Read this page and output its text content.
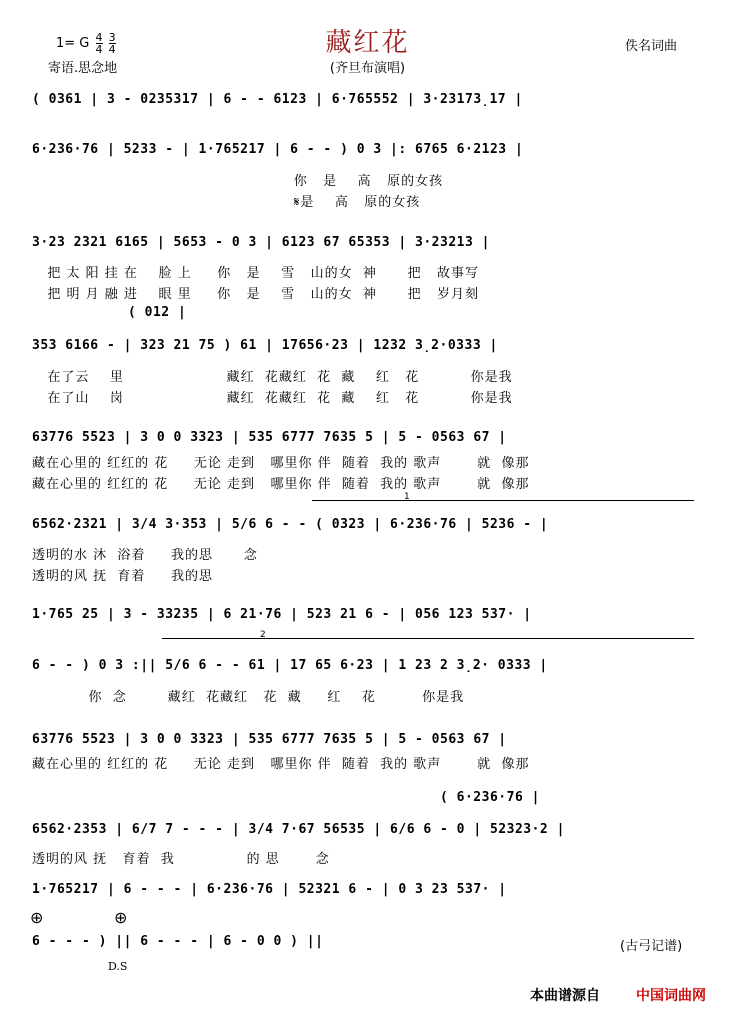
藏红花
(齐旦布演唱)
1= G $\frac{4}{4}$
$\frac{3}{4}$
寄语.思念地
佚名词曲
( 0361 | 3 - 0235317 | 6 - - 6123 | 6·765552 | 3·23173̣17 |
6·236·76 | 5233 - | 1·765217 | 6 - - ) 0 3 |: 6765 6·2123 |
你   是    高   原的女孩
𝄋是    高   原的女孩
3·23 2321 6165 | 5653 - 0 3 | 6123 67 65353 | 3·23213 |
把 太 阳 挂 在    脸 上     你   是    雪   山的女  神      把   故事写
把 明 月 融 进    眼 里     你   是    雪   山的女  神      把   岁月刻
( 012 |
353 6166 - | 323 21 75 ) 61 | 17656·23 | 1232 3̣2·0333 |
在了云    里                    藏红  花藏红  花  藏    红   花          你是我
在了山    岗                    藏红  花藏红  花  藏    红   花          你是我
63776 5523 | 3 0 0 3323 | 535 6777 7635 5 | 5 - 0563 67 |
藏在心里的 红红的 花     无论 走到   哪里你 伴  随着  我的 歌声       就  像那
藏在心里的 红红的 花     无论 走到   哪里你 伴  随着  我的 歌声       就  像那
1
6562·2321 | 3/4 3·353 | 5/6 6 - - ( 0323 | 6·236·76 | 5236 - |
透明的水 沐  浴着     我的思      念
透明的风 抚  育着     我的思
1·765 25 | 3 - 33235 | 6 21·76 | 523 21 6 - | 056 123 537· |
2
6 - - ) 0 3 :|| 5/6 6 - - 61 | 17 65 6·23 | 1 23 2 3̣2· 0333 |
你  念        藏红  花藏红   花  藏     红    花         你是我
63776 5523 | 3 0 0 3323 | 535 6777 7635 5 | 5 - 0563 67 |
藏在心里的 红红的 花     无论 走到   哪里你 伴  随着  我的 歌声       就  像那
( 6·236·76 |
6562·2353 | 6/7 7 - - - | 3/4 7·67 56535 | 6/6 6 - 0 | 52323·2 |
透明的风 抚   育着  我              的 思       念
1·765217 | 6 - - - | 6·236·76 | 52321 6 - | 0 3 23 537· |
⊕	⊕
6 - - - ) || 6 - - - | 6 - 0 0 ) ||
D.S
(古弓记谱)
本曲谱源自	中国词曲网
